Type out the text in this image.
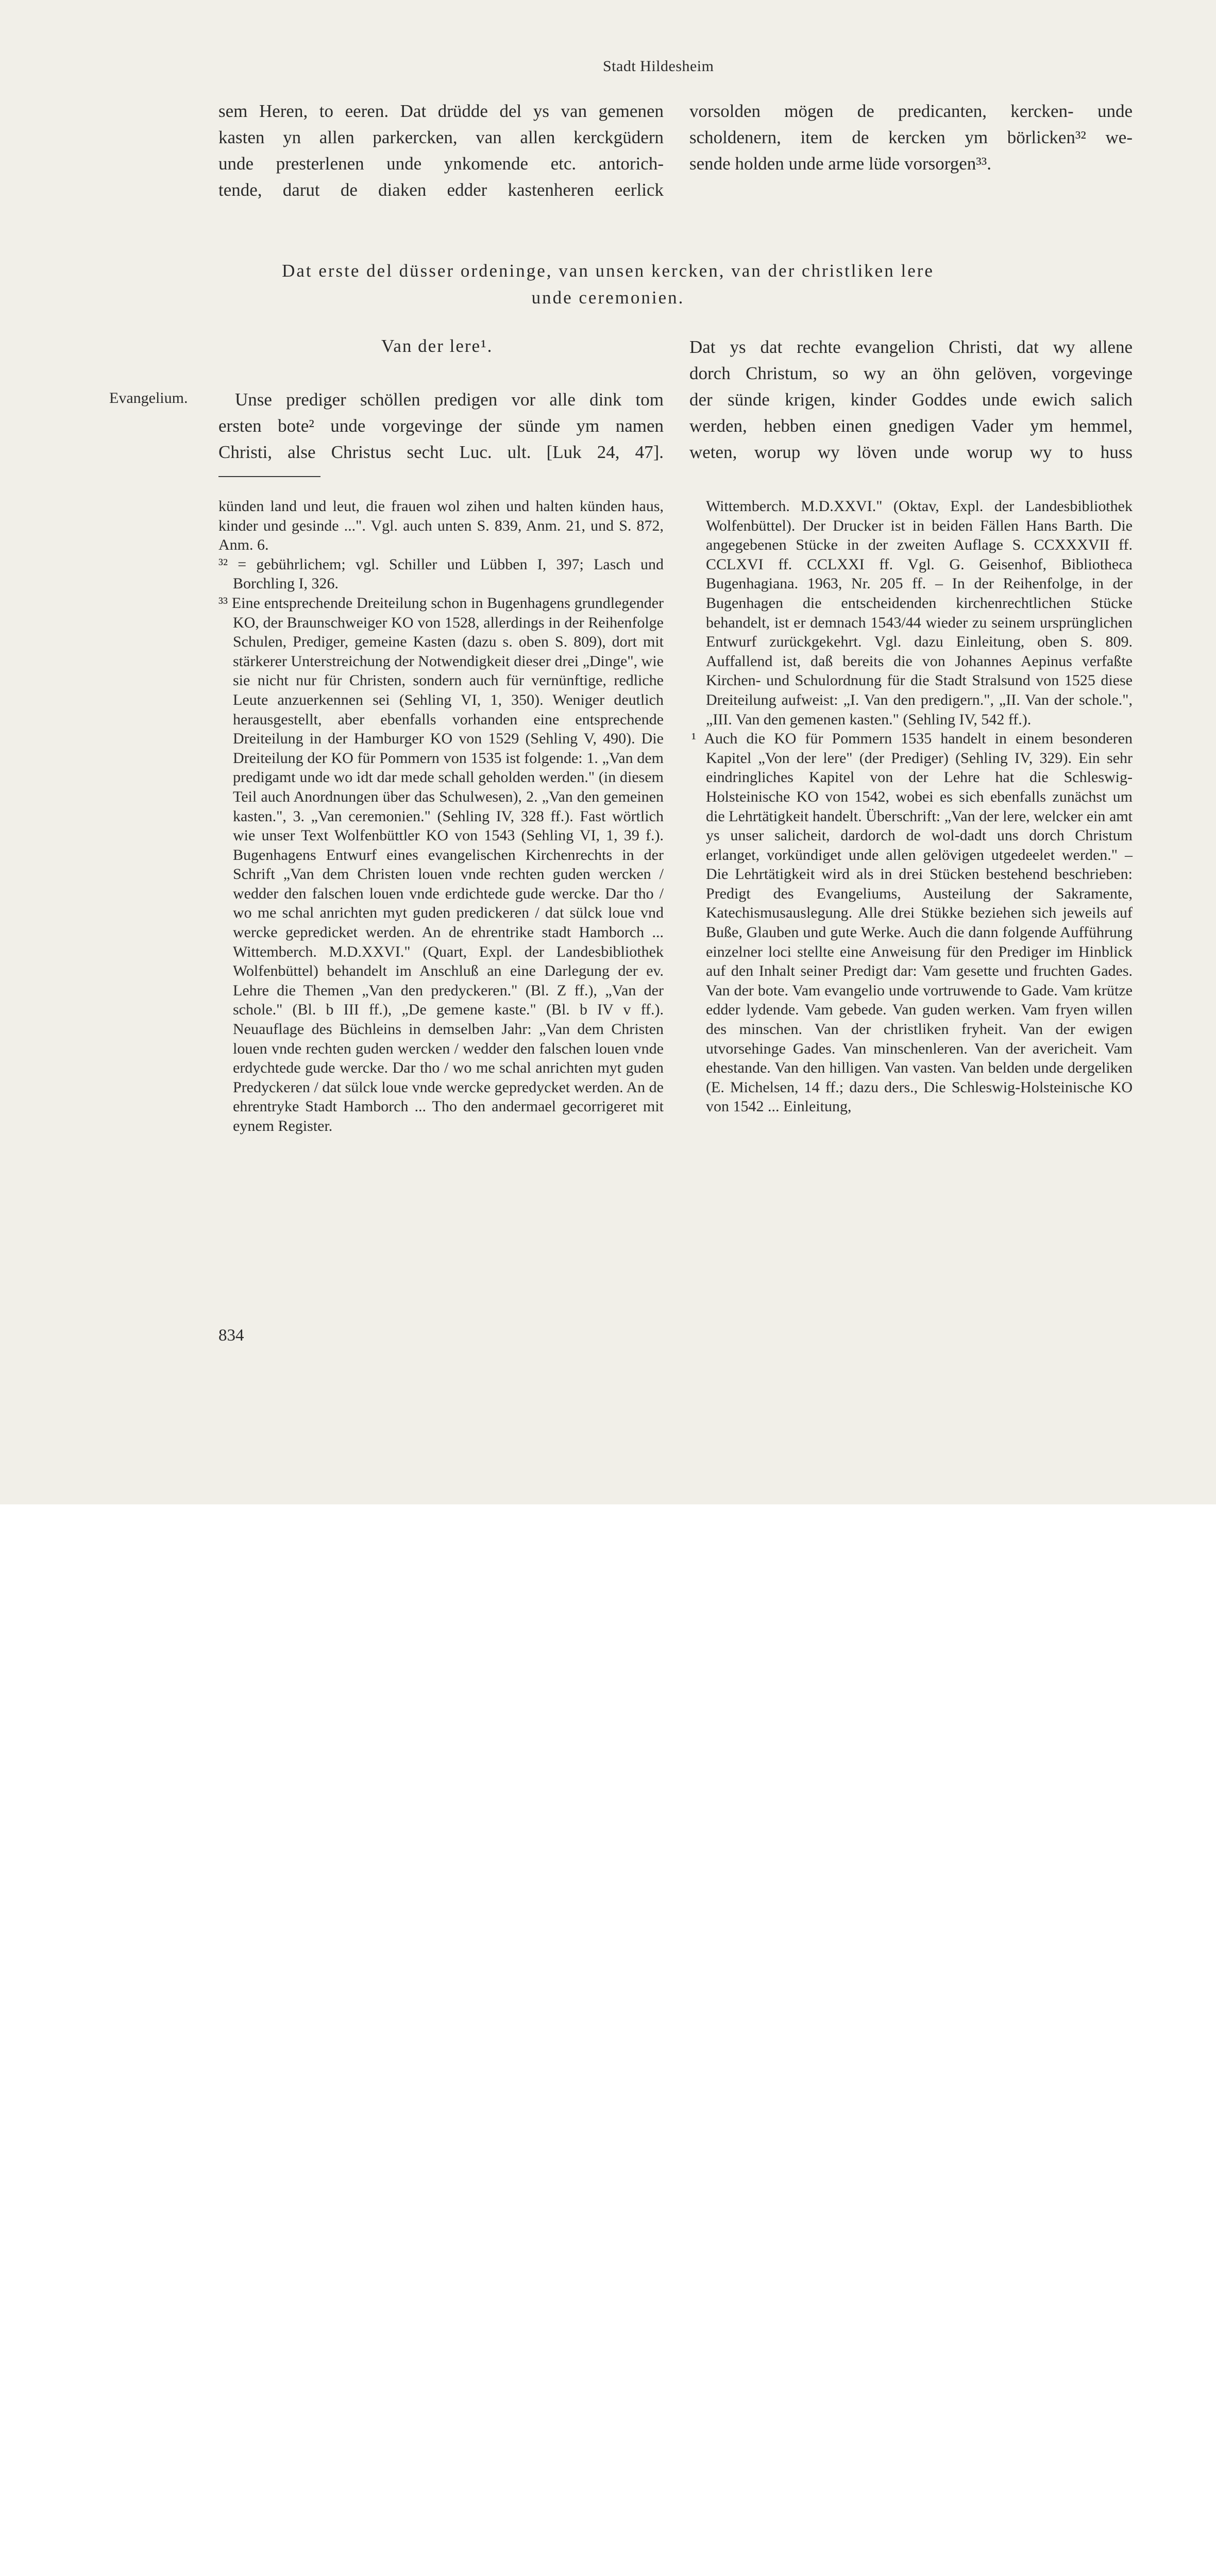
Stadt Hildesheim
sem Heren, to eeren. Dat drüdde del ys van gemenen
kasten yn allen parkercken, van allen kerckgüdern
unde presterlenen unde ynkomende etc. antorich-
tende, darut de diaken edder kastenheren eerlick
vorsolden mögen de predicanten, kercken- unde
scholdenern, item de kercken ym börlicken³² we-
sende holden unde arme lüde vorsorgen³³.
Dat erste del düsser ordeninge, van unsen kercken, van der christliken lere
unde ceremonien.
Van der lere¹.
Evangelium.	Unse prediger schöllen predigen vor alle dink tom
ersten bote² unde vorgevinge der sünde ym namen
Christi, alse Christus secht Luc. ult. [Luk 24, 47].
Dat ys dat rechte evangelion Christi, dat wy allene
dorch Christum, so wy an öhn gelöven, vorgevinge
der sünde krigen, kinder Goddes unde ewich salich
werden, hebben einen gnedigen Vader ym hemmel,
weten, worup wy löven unde worup wy to huss

künden land und leut, die frauen wol zihen und halten künden haus, kinder und gesinde ...". Vgl. auch unten S. 839, Anm. 21, und S. 872, Anm. 6.

³² = gebührlichem; vgl. Schiller und Lübben I, 397; Lasch und Borchling I, 326.

³³ Eine entsprechende Dreiteilung schon in Bugenhagens grundlegender KO, der Braunschweiger KO von 1528, allerdings in der Reihenfolge Schulen, Prediger, gemeine Kasten (dazu s. oben S. 809), dort mit stärkerer Unterstreichung der Notwendigkeit dieser drei „Dinge", wie sie nicht nur für Christen, sondern auch für vernünftige, redliche Leute anzuerkennen sei (Sehling VI, 1, 350). Weniger deutlich herausgestellt, aber ebenfalls vorhanden eine entsprechende Dreiteilung in der Hamburger KO von 1529 (Sehling V, 490). Die Dreiteilung der KO für Pommern von 1535 ist folgende: 1. „Van dem predigamt unde wo idt dar mede schall geholden werden." (in diesem Teil auch Anordnungen über das Schulwesen), 2. „Van den gemeinen kasten.", 3. „Van ceremonien." (Sehling IV, 328 ff.). Fast wörtlich wie unser Text Wolfenbüttler KO von 1543 (Sehling VI, 1, 39 f.). Bugenhagens Entwurf eines evangelischen Kirchenrechts in der Schrift „Van dem Christen louen vnde rechten guden wercken / wedder den falschen louen vnde erdichtede gude wercke. Dar tho / wo me schal anrichten myt guden predickeren / dat sülck loue vnd wercke gepredicket werden. An de ehrentrike stadt Hamborch ... Wittemberch. M.D.XXVI." (Quart, Expl. der Landesbibliothek Wolfenbüttel) behandelt im Anschluß an eine Darlegung der ev. Lehre die Themen „Van den predyckeren." (Bl. Z ff.), „Van der schole." (Bl. b III ff.), „De gemene kaste." (Bl. b IV v ff.). Neuauflage des Büchleins in demselben Jahr: „Van dem Christen louen vnde rechten guden wercken / wedder den falschen louen vnde erdychtede gude wercke. Dar tho / wo me schal anrichten myt guden Predyckeren / dat sülck loue vnde wercke gepredycket werden. An de ehrentryke Stadt Hamborch ... Tho den andermael gecorrigeret mit eynem Register.

Wittemberch. M.D.XXVI." (Oktav, Expl. der Landesbibliothek Wolfenbüttel). Der Drucker ist in beiden Fällen Hans Barth. Die angegebenen Stücke in der zweiten Auflage S. CCXXXVII ff. CCLXVI ff. CCLXXI ff. Vgl. G. Geisenhof, Bibliotheca Bugenhagiana. 1963, Nr. 205 ff. – In der Reihenfolge, in der Bugenhagen die entscheidenden kirchenrechtlichen Stücke behandelt, ist er demnach 1543/44 wieder zu seinem ursprünglichen Entwurf zurückgekehrt. Vgl. dazu Einleitung, oben S. 809. Auffallend ist, daß bereits die von Johannes Aepinus verfaßte Kirchen- und Schulordnung für die Stadt Stralsund von 1525 diese Dreiteilung aufweist: „I. Van den predigern.", „II. Van der schole.", „III. Van den gemenen kasten." (Sehling IV, 542 ff.).

¹ Auch die KO für Pommern 1535 handelt in einem besonderen Kapitel „Von der lere" (der Prediger) (Sehling IV, 329). Ein sehr eindringliches Kapitel von der Lehre hat die Schleswig-Holsteinische KO von 1542, wobei es sich ebenfalls zunächst um die Lehrtätigkeit handelt. Überschrift: „Van der lere, welcker ein amt ys unser salicheit, dardorch de wol-dadt uns dorch Christum erlanget, vorkündiget unde allen gelövigen utgedeelet werden." – Die Lehrtätigkeit wird als in drei Stücken bestehend beschrieben: Predigt des Evangeliums, Austeilung der Sakramente, Katechismusauslegung. Alle drei Stükke beziehen sich jeweils auf Buße, Glauben und gute Werke. Auch die dann folgende Aufführung einzelner loci stellte eine Anweisung für den Prediger im Hinblick auf den Inhalt seiner Predigt dar: Vam gesette und fruchten Gades. Van der bote. Vam evangelio unde vortruwende to Gade. Vam krütze edder lydende. Vam gebede. Van guden werken. Vam fryen willen des minschen. Van der christliken fryheit. Van der ewigen utvorsehinge Gades. Van minschenleren. Van der avericheit. Vam ehestande. Van den hilligen. Van vasten. Van belden unde dergeliken (E. Michelsen, 14 ff.; dazu ders., Die Schleswig-Holsteinische KO von 1542 ... Einleitung,

834
